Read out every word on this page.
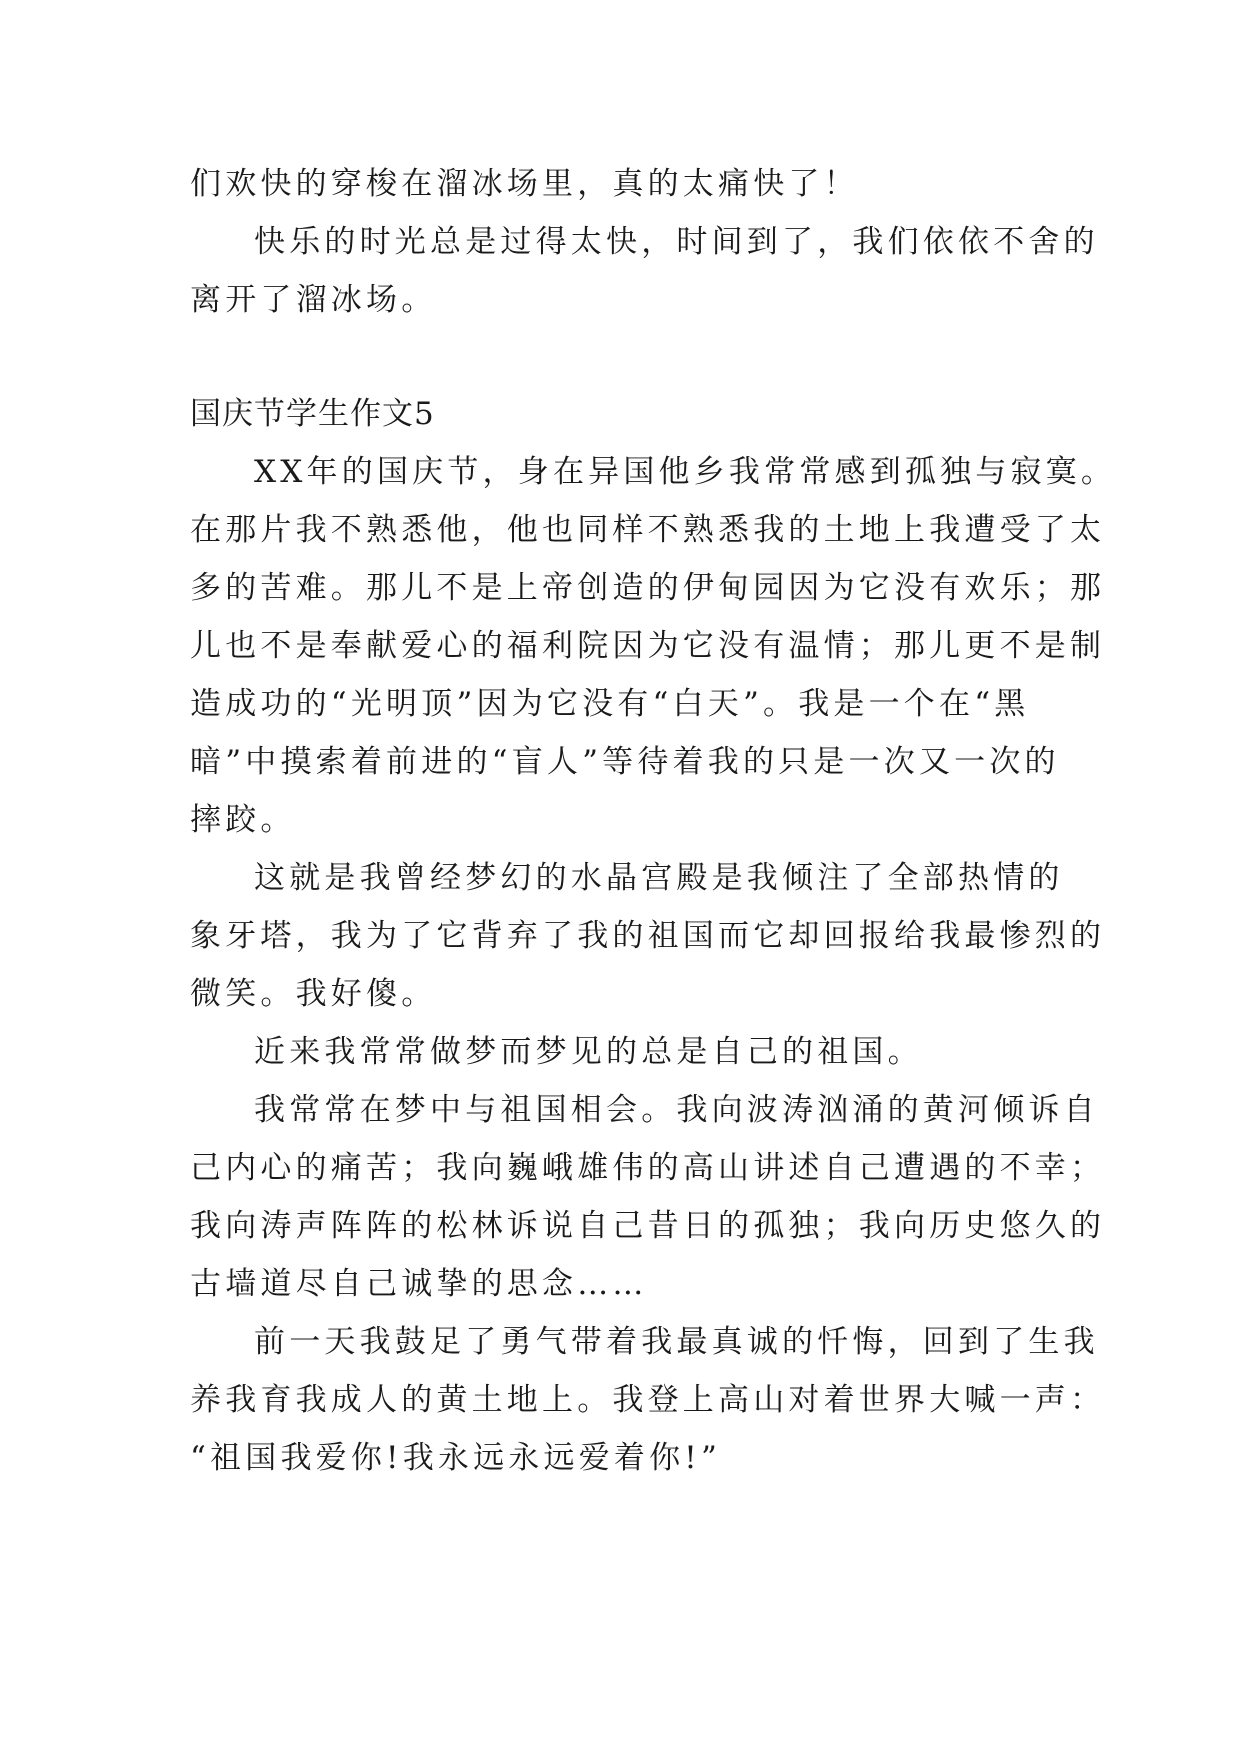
们欢快的穿梭在溜冰场里，真的太痛快了！
快乐的时光总是过得太快，时间到了，我们依依不舍的
离开了溜冰场。
国庆节学生作文5
XX年的国庆节，身在异国他乡我常常感到孤独与寂寞。
在那片我不熟悉他，他也同样不熟悉我的土地上我遭受了太
多的苦难。那儿不是上帝创造的伊甸园因为它没有欢乐；那
儿也不是奉献爱心的福利院因为它没有温情；那儿更不是制
造成功的“光明顶”因为它没有“白天”。我是一个在“黑
暗”中摸索着前进的“盲人”等待着我的只是一次又一次的
摔跤。
这就是我曾经梦幻的水晶宫殿是我倾注了全部热情的
象牙塔，我为了它背弃了我的祖国而它却回报给我最惨烈的
微笑。我好傻。
近来我常常做梦而梦见的总是自己的祖国。
我常常在梦中与祖国相会。我向波涛汹涌的黄河倾诉自
己内心的痛苦；我向巍峨雄伟的高山讲述自己遭遇的不幸；
我向涛声阵阵的松林诉说自己昔日的孤独；我向历史悠久的
古墙道尽自己诚挚的思念……
前一天我鼓足了勇气带着我最真诚的忏悔，回到了生我
养我育我成人的黄土地上。我登上高山对着世界大喊一声：
“祖国我爱你!我永远永远爱着你!”
